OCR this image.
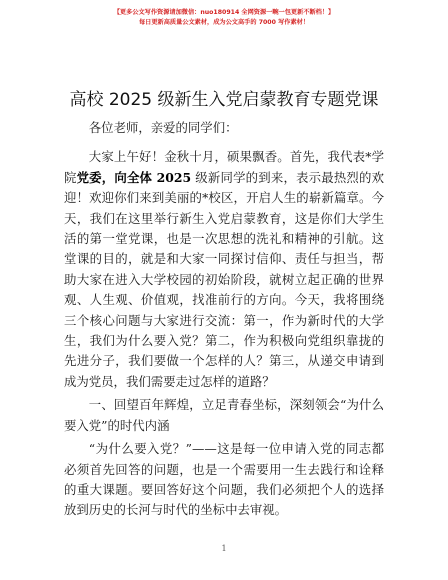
【更多公文写作资源请加微信：nuo180914 全网资源一畹一包更新不断档！】
每日更新高质量公文素材，成为公文高手的 7000 写作素材！
高校 2025 级新生入党启蒙教育专题党课

各位老师，亲爱的同学们：

大家上午好！金秋十月，硕果飘香。首先，我代表*学院党委，向全体 2025 级新同学的到来，表示最热烈的欢迎！欢迎你们来到美丽的*校区，开启人生的崭新篇章。今天，我们在这里举行新生入党启蒙教育，这是你们大学生活的第一堂党课，也是一次思想的洗礼和精神的引航。这堂课的目的，就是和大家一同探讨信仰、责任与担当，帮助大家在进入大学校园的初始阶段，就树立起正确的世界观、人生观、价值观，找准前行的方向。今天，我将围绕三个核心问题与大家进行交流：第一，作为新时代的大学生，我们为什么要入党？第二，作为积极向党组织靠拢的先进分子，我们要做一个怎样的人？第三，从递交申请到成为党员，我们需要走过怎样的道路？

一、回望百年辉煌，立足青春坐标，深刻领会“为什么要入党”的时代内涵

“为什么要入党？”——这是每一位申请入党的同志都必须首先回答的问题，也是一个需要用一生去践行和诠释的重大课题。要回答好这个问题，我们必须把个人的选择放到历史的长河与时代的坐标中去审视。

1
